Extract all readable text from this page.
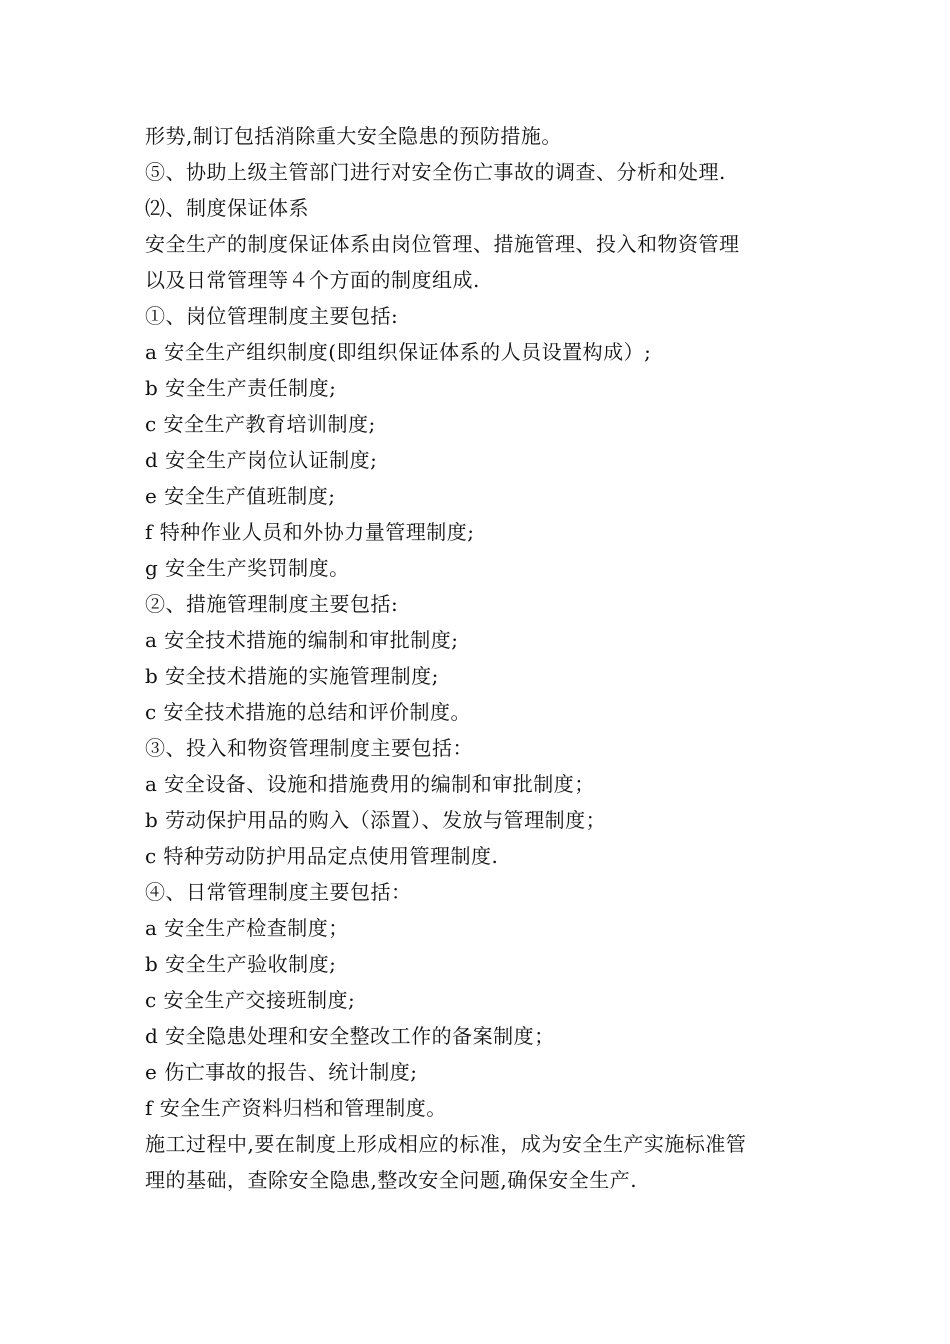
形势,制订包括消除重大安全隐患的预防措施。
⑤、协助上级主管部门进行对安全伤亡事故的调查、分析和处理.
⑵、制度保证体系
安全生产的制度保证体系由岗位管理、措施管理、投入和物资管理
以及日常管理等４个方面的制度组成.
①、岗位管理制度主要包括:
a 安全生产组织制度(即组织保证体系的人员设置构成）;
b 安全生产责任制度;
c 安全生产教育培训制度;
d 安全生产岗位认证制度;
e 安全生产值班制度;
f 特种作业人员和外协力量管理制度;
g 安全生产奖罚制度。
②、措施管理制度主要包括:
a 安全技术措施的编制和审批制度;
b 安全技术措施的实施管理制度;
c 安全技术措施的总结和评价制度。
③、投入和物资管理制度主要包括：
a 安全设备、设施和措施费用的编制和审批制度；
b 劳动保护用品的购入（添置）、发放与管理制度；
c 特种劳动防护用品定点使用管理制度.
④、日常管理制度主要包括：
a 安全生产检查制度；
b 安全生产验收制度;
c 安全生产交接班制度;
d 安全隐患处理和安全整改工作的备案制度；
e 伤亡事故的报告、统计制度;
f 安全生产资料归档和管理制度。
施工过程中,要在制度上形成相应的标准，成为安全生产实施标准管
理的基础，查除安全隐患,整改安全问题,确保安全生产.
